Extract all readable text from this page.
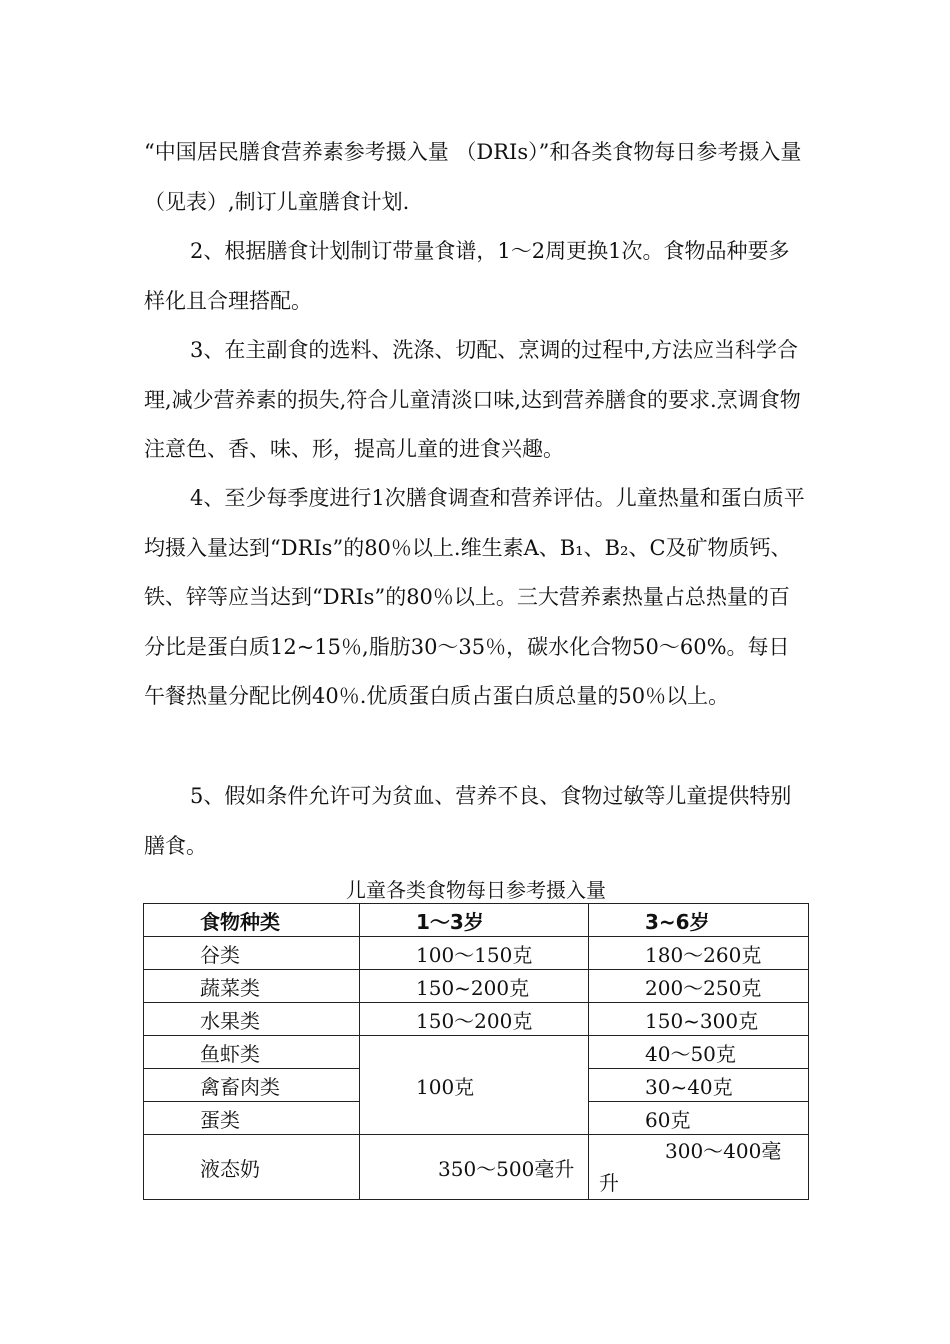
“中国居民膳食营养素参考摄入量 （DRIs）”和各类食物每日参考摄入量（见表）,制订儿童膳食计划.

2、根据膳食计划制订带量食谱，1～2周更换1次。食物品种要多样化且合理搭配。

3、在主副食的选料、洗涤、切配、烹调的过程中,方法应当科学合理,减少营养素的损失,符合儿童清淡口味,达到营养膳食的要求.烹调食物注意色、香、味、形，提高儿童的进食兴趣。

4、至少每季度进行1次膳食调查和营养评估。儿童热量和蛋白质平均摄入量达到“DRIs”的80％以上.维生素A、B₁、B₂、C及矿物质钙、铁、锌等应当达到“DRIs”的80％以上。三大营养素热量占总热量的百分比是蛋白质12~15％,脂肪30～35％，碳水化合物50～60%。每日午餐热量分配比例40％.优质蛋白质占蛋白质总量的50％以上。

5、假如条件允许可为贫血、营养不良、食物过敏等儿童提供特别膳食。

儿童各类食物每日参考摄入量

食物种类	1～3岁	3~6岁
谷类	100～150克	180～260克
蔬菜类	150~200克	200～250克
水果类	150～200克	150~300克
鱼虾类	100克	40～50克
禽畜肉类		30~40克
蛋类		60克
液态奶	350～500毫升	300～400毫升
